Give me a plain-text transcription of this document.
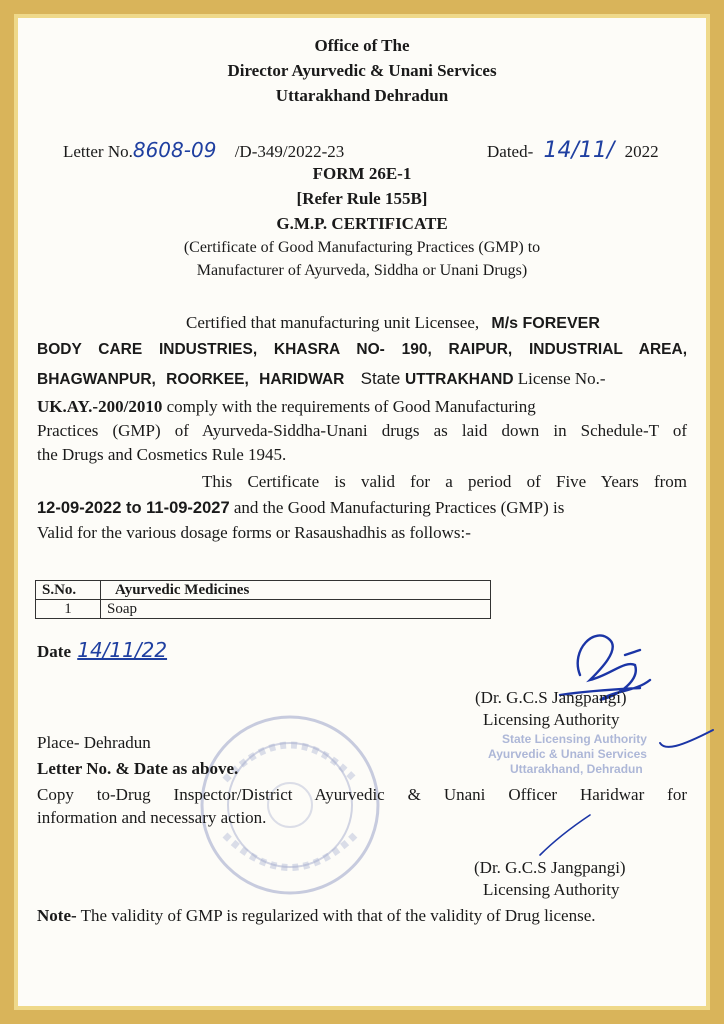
Office of The
Director Ayurvedic & Unani Services
Uttarakhand Dehradun
Letter No.8608-09 /D-349/2022-23	Dated- 14/11/ 2022
FORM 26E-1
[Refer Rule 155B]
G.M.P. CERTIFICATE
(Certificate of Good Manufacturing Practices (GMP) to
Manufacturer of Ayurveda, Siddha or Unani Drugs)
Certified that manufacturing unit Licensee, M/s FOREVER
BODY CARE INDUSTRIES, KHASRA NO- 190, RAIPUR, INDUSTRIAL AREA,
BHAGWANPUR, ROORKEE, HARIDWAR State UTTRAKHAND License No.-
UK.AY.-200/2010 comply with the requirements of Good Manufacturing
Practices (GMP) of Ayurveda-Siddha-Unani drugs as laid down in Schedule-T of
the Drugs and Cosmetics Rule 1945.
This Certificate is valid for a period of Five Years from
12-09-2022 to 11-09-2027 and the Good Manufacturing Practices (GMP) is
Valid for the various dosage forms or Rasaushadhis as follows:-
S.No.	Ayurvedic Medicines
1	Soap
Date 14/11/22
(Dr. G.C.S Jangpangi)
Licensing Authority
State Licensing Authority
Ayurvedic & Unani Services
Uttarakhand, Dehradun
Place- Dehradun
Letter No. & Date as above.
Copy to-Drug Inspector/District Ayurvedic & Unani Officer Haridwar for
information and necessary action.
(Dr. G.C.S Jangpangi)
Licensing Authority
Note- The validity of GMP is regularized with that of the validity of Drug license.
